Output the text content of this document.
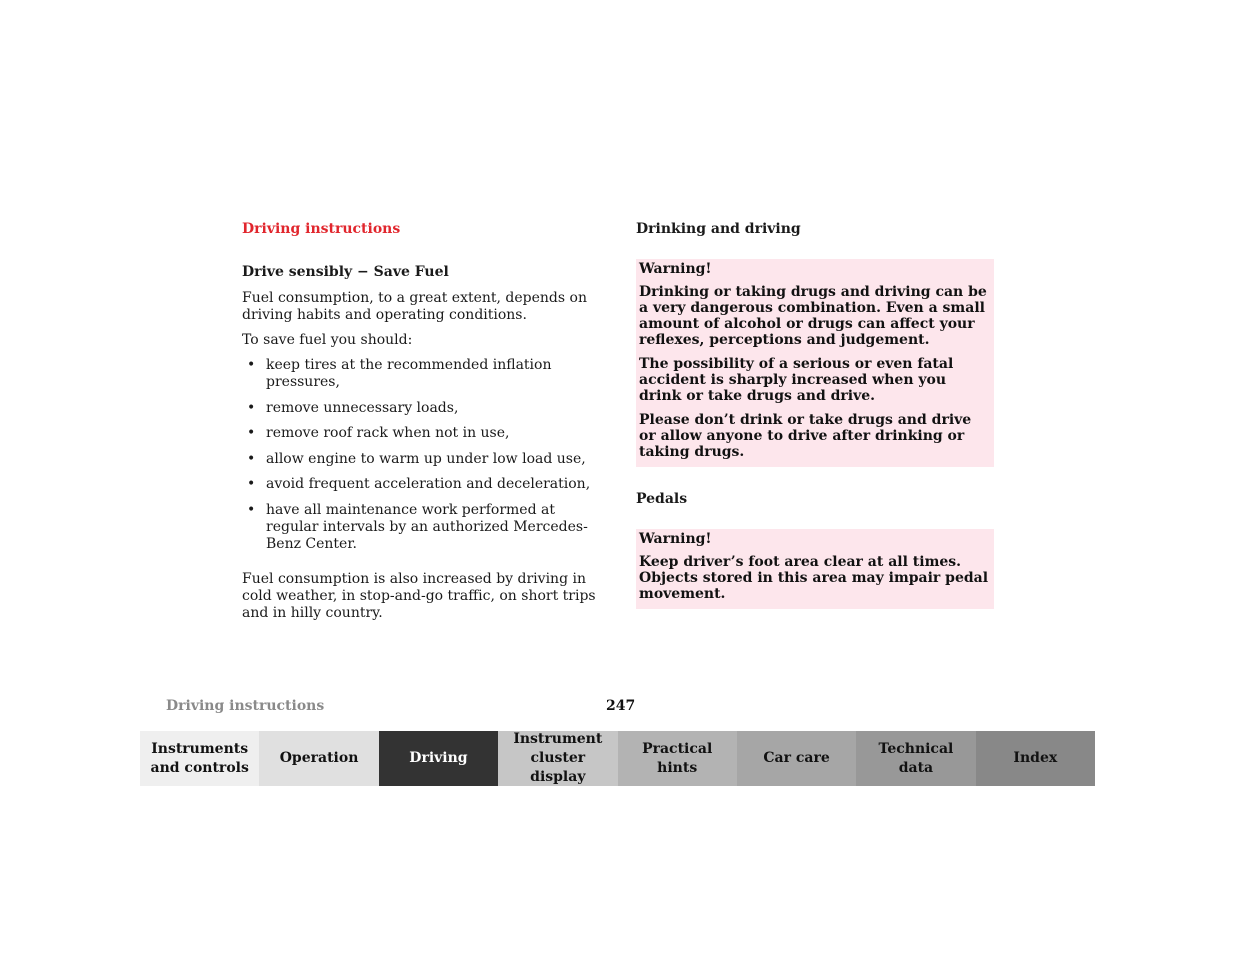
Driving instructions

Drive sensibly − Save Fuel

Fuel consumption, to a great extent, depends on driving habits and operating conditions.

To save fuel you should:

• keep tires at the recommended inflation pressures,
• remove unnecessary loads,
• remove roof rack when not in use,
• allow engine to warm up under low load use,
• avoid frequent acceleration and deceleration,
• have all maintenance work performed at regular intervals by an authorized Mercedes-Benz Center.

Fuel consumption is also increased by driving in cold weather, in stop-and-go traffic, on short trips and in hilly country.

Drinking and driving

Warning!

Drinking or taking drugs and driving can be a very dangerous combination. Even a small amount of alcohol or drugs can affect your reflexes, perceptions and judgement.

The possibility of a serious or even fatal accident is sharply increased when you drink or take drugs and drive.

Please don’t drink or take drugs and drive or allow anyone to drive after drinking or taking drugs.

Pedals

Warning!

Keep driver’s foot area clear at all times. Objects stored in this area may impair pedal movement.

Driving instructions	247
Instruments
and controls
Operation	Driving
Instrument
cluster display
Practical hints
Car care
Technical
data
Index
